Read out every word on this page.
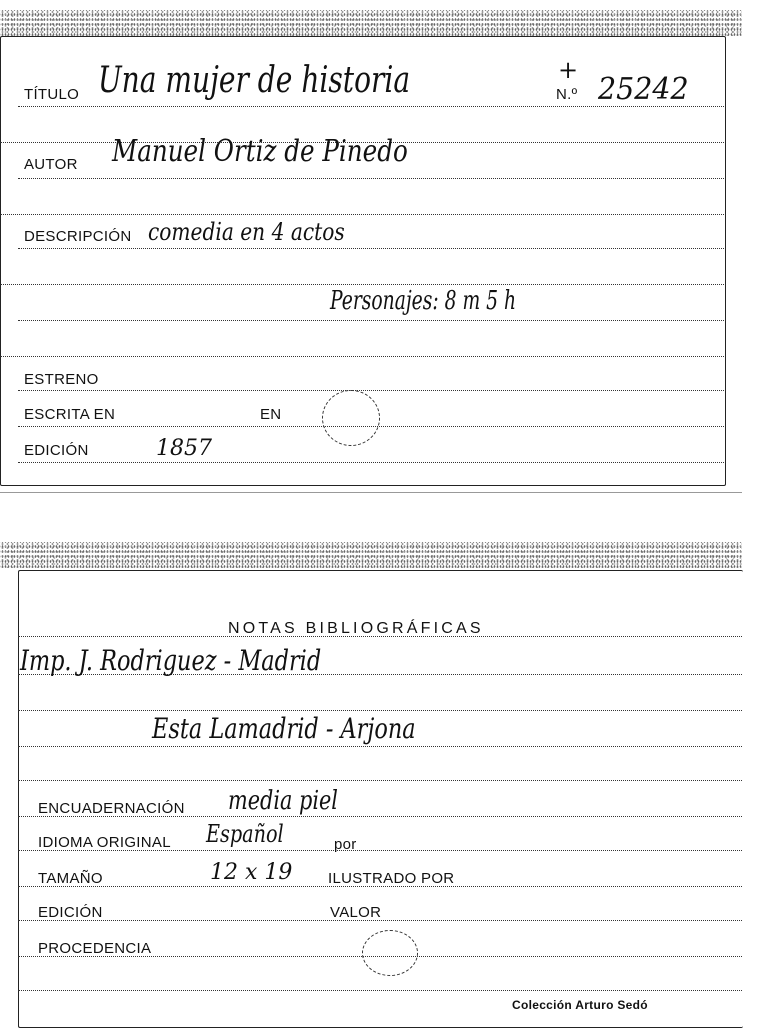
TÍTULO Una mujer de historia	+
N.º 25242
AUTOR Manuel Ortiz de Pinedo
DESCRIPCIÓN comedia en 4 actos
Personajes: 8 m 5 h
ESTRENO
ESCRITA EN	EN
EDICIÓN	1857
NOTAS BIBLIOGRÁFICAS
Imp. J. Rodriguez - Madrid
Esta Lamadrid - Arjona
ENCUADERNACIÓN media piel
IDIOMA ORIGINAL Español	por
TAMAÑO	12 x 19 ILUSTRADO POR
EDICIÓN	VALOR
PROCEDENCIA
Colección Arturo Sedó
